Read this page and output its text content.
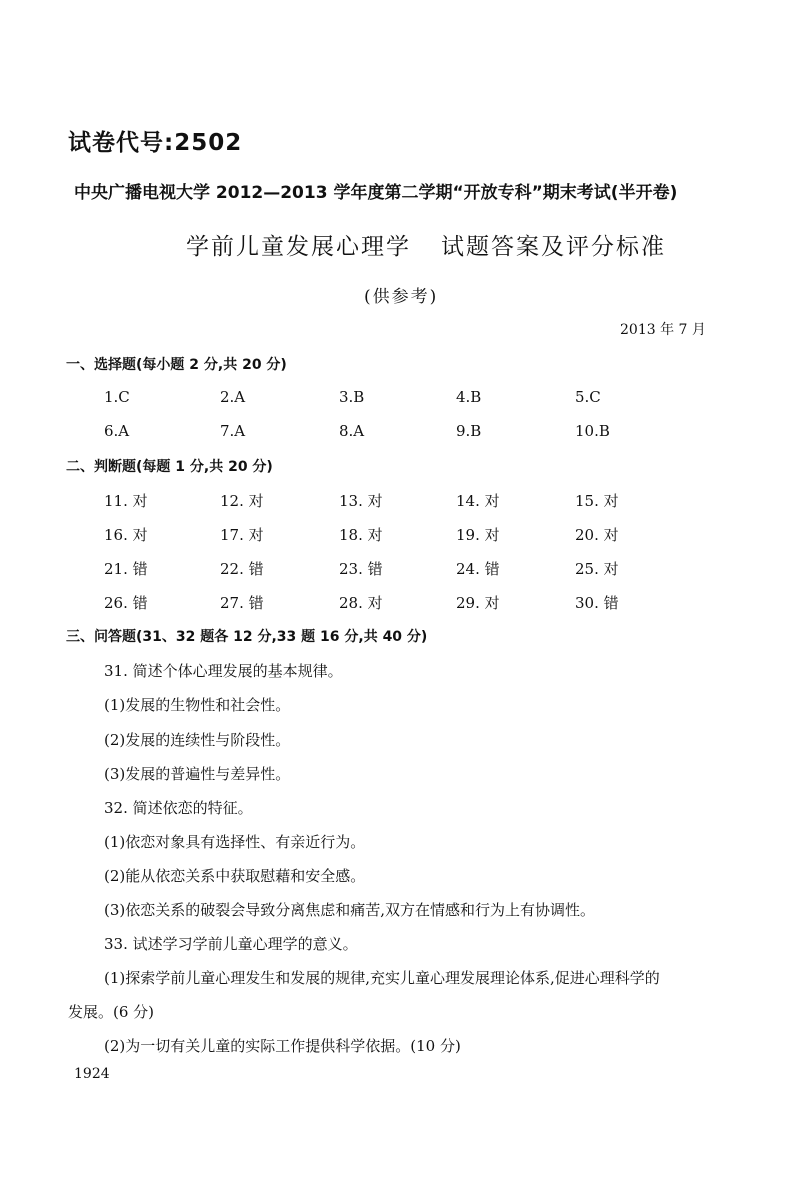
试卷代号:2502
中央广播电视大学 2012—2013 学年度第二学期“开放专科”期末考试(半开卷)
学前儿童发展心理学 试题答案及评分标准
(供参考)
2013 年 7 月
一、选择题(每小题 2 分,共 20 分)
1.C	2.A	3.B	4.B	5.C
6.A	7.A	8.A	9.B	10.B
二、判断题(每题 1 分,共 20 分)
11. 对	12. 对	13. 对	14. 对	15. 对
16. 对	17. 对	18. 对	19. 对	20. 对
21. 错	22. 错	23. 错	24. 错	25. 对
26. 错	27. 错	28. 对	29. 对	30. 错
三、问答题(31、32 题各 12 分,33 题 16 分,共 40 分)
31. 简述个体心理发展的基本规律。
(1)发展的生物性和社会性。
(2)发展的连续性与阶段性。
(3)发展的普遍性与差异性。
32. 简述依恋的特征。
(1)依恋对象具有选择性、有亲近行为。
(2)能从依恋关系中获取慰藉和安全感。
(3)依恋关系的破裂会导致分离焦虑和痛苦,双方在情感和行为上有协调性。
33. 试述学习学前儿童心理学的意义。
(1)探索学前儿童心理发生和发展的规律,充实儿童心理发展理论体系,促进心理科学的
发展。(6 分)
(2)为一切有关儿童的实际工作提供科学依据。(10 分)
1924
